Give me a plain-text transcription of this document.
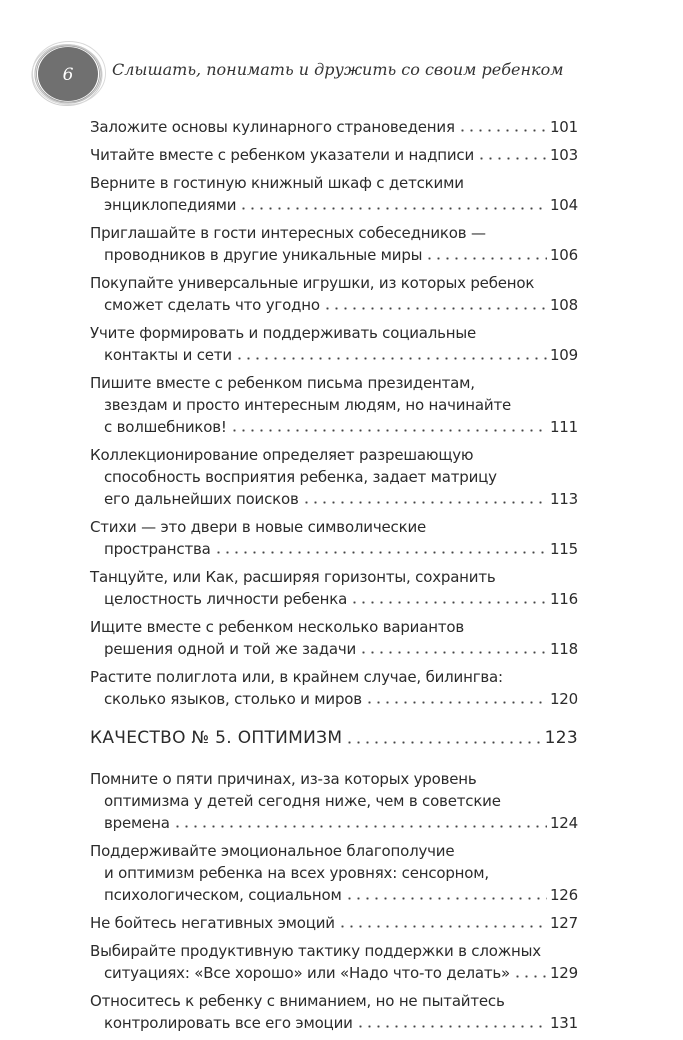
6 Слышать, понимать и дружить со своим ребенком
Заложите основы кулинарного страноведения	101
Читайте вместе с ребенком указатели и надписи	103
Верните в гостиную книжный шкаф с детскими
энциклопедиями	104
Приглашайте в гости интересных собеседников —
проводников в другие уникальные миры	106
Покупайте универсальные игрушки, из которых ребенок
сможет сделать что угодно	108
Учите формировать и поддерживать социальные
контакты и сети	109
Пишите вместе с ребенком письма президентам,
звездам и просто интересным людям, но начинайте
с волшебников!	111
Коллекционирование определяет разрешающую
способность восприятия ребенка, задает матрицу
его дальнейших поисков	113
Стихи — это двери в новые символические
пространства	115
Танцуйте, или Как, расширяя горизонты, сохранить
целостность личности ребенка	116
Ищите вместе с ребенком несколько вариантов
решения одной и той же задачи	118
Растите полиглота или, в крайнем случае, билингва:
сколько языков, столько и миров	120
КАЧЕСТВО № 5. ОПТИМИЗМ	123
Помните о пяти причинах, из-за которых уровень
оптимизма у детей сегодня ниже, чем в советские
времена	124
Поддерживайте эмоциональное благополучие
и оптимизм ребенка на всех уровнях: сенсорном,
психологическом, социальном	126
Не бойтесь негативных эмоций	127
Выбирайте продуктивную тактику поддержки в сложных
ситуациях: «Все хорошо» или «Надо что-то делать»	129
Относитесь к ребенку с вниманием, но не пытайтесь
контролировать все его эмоции	131
